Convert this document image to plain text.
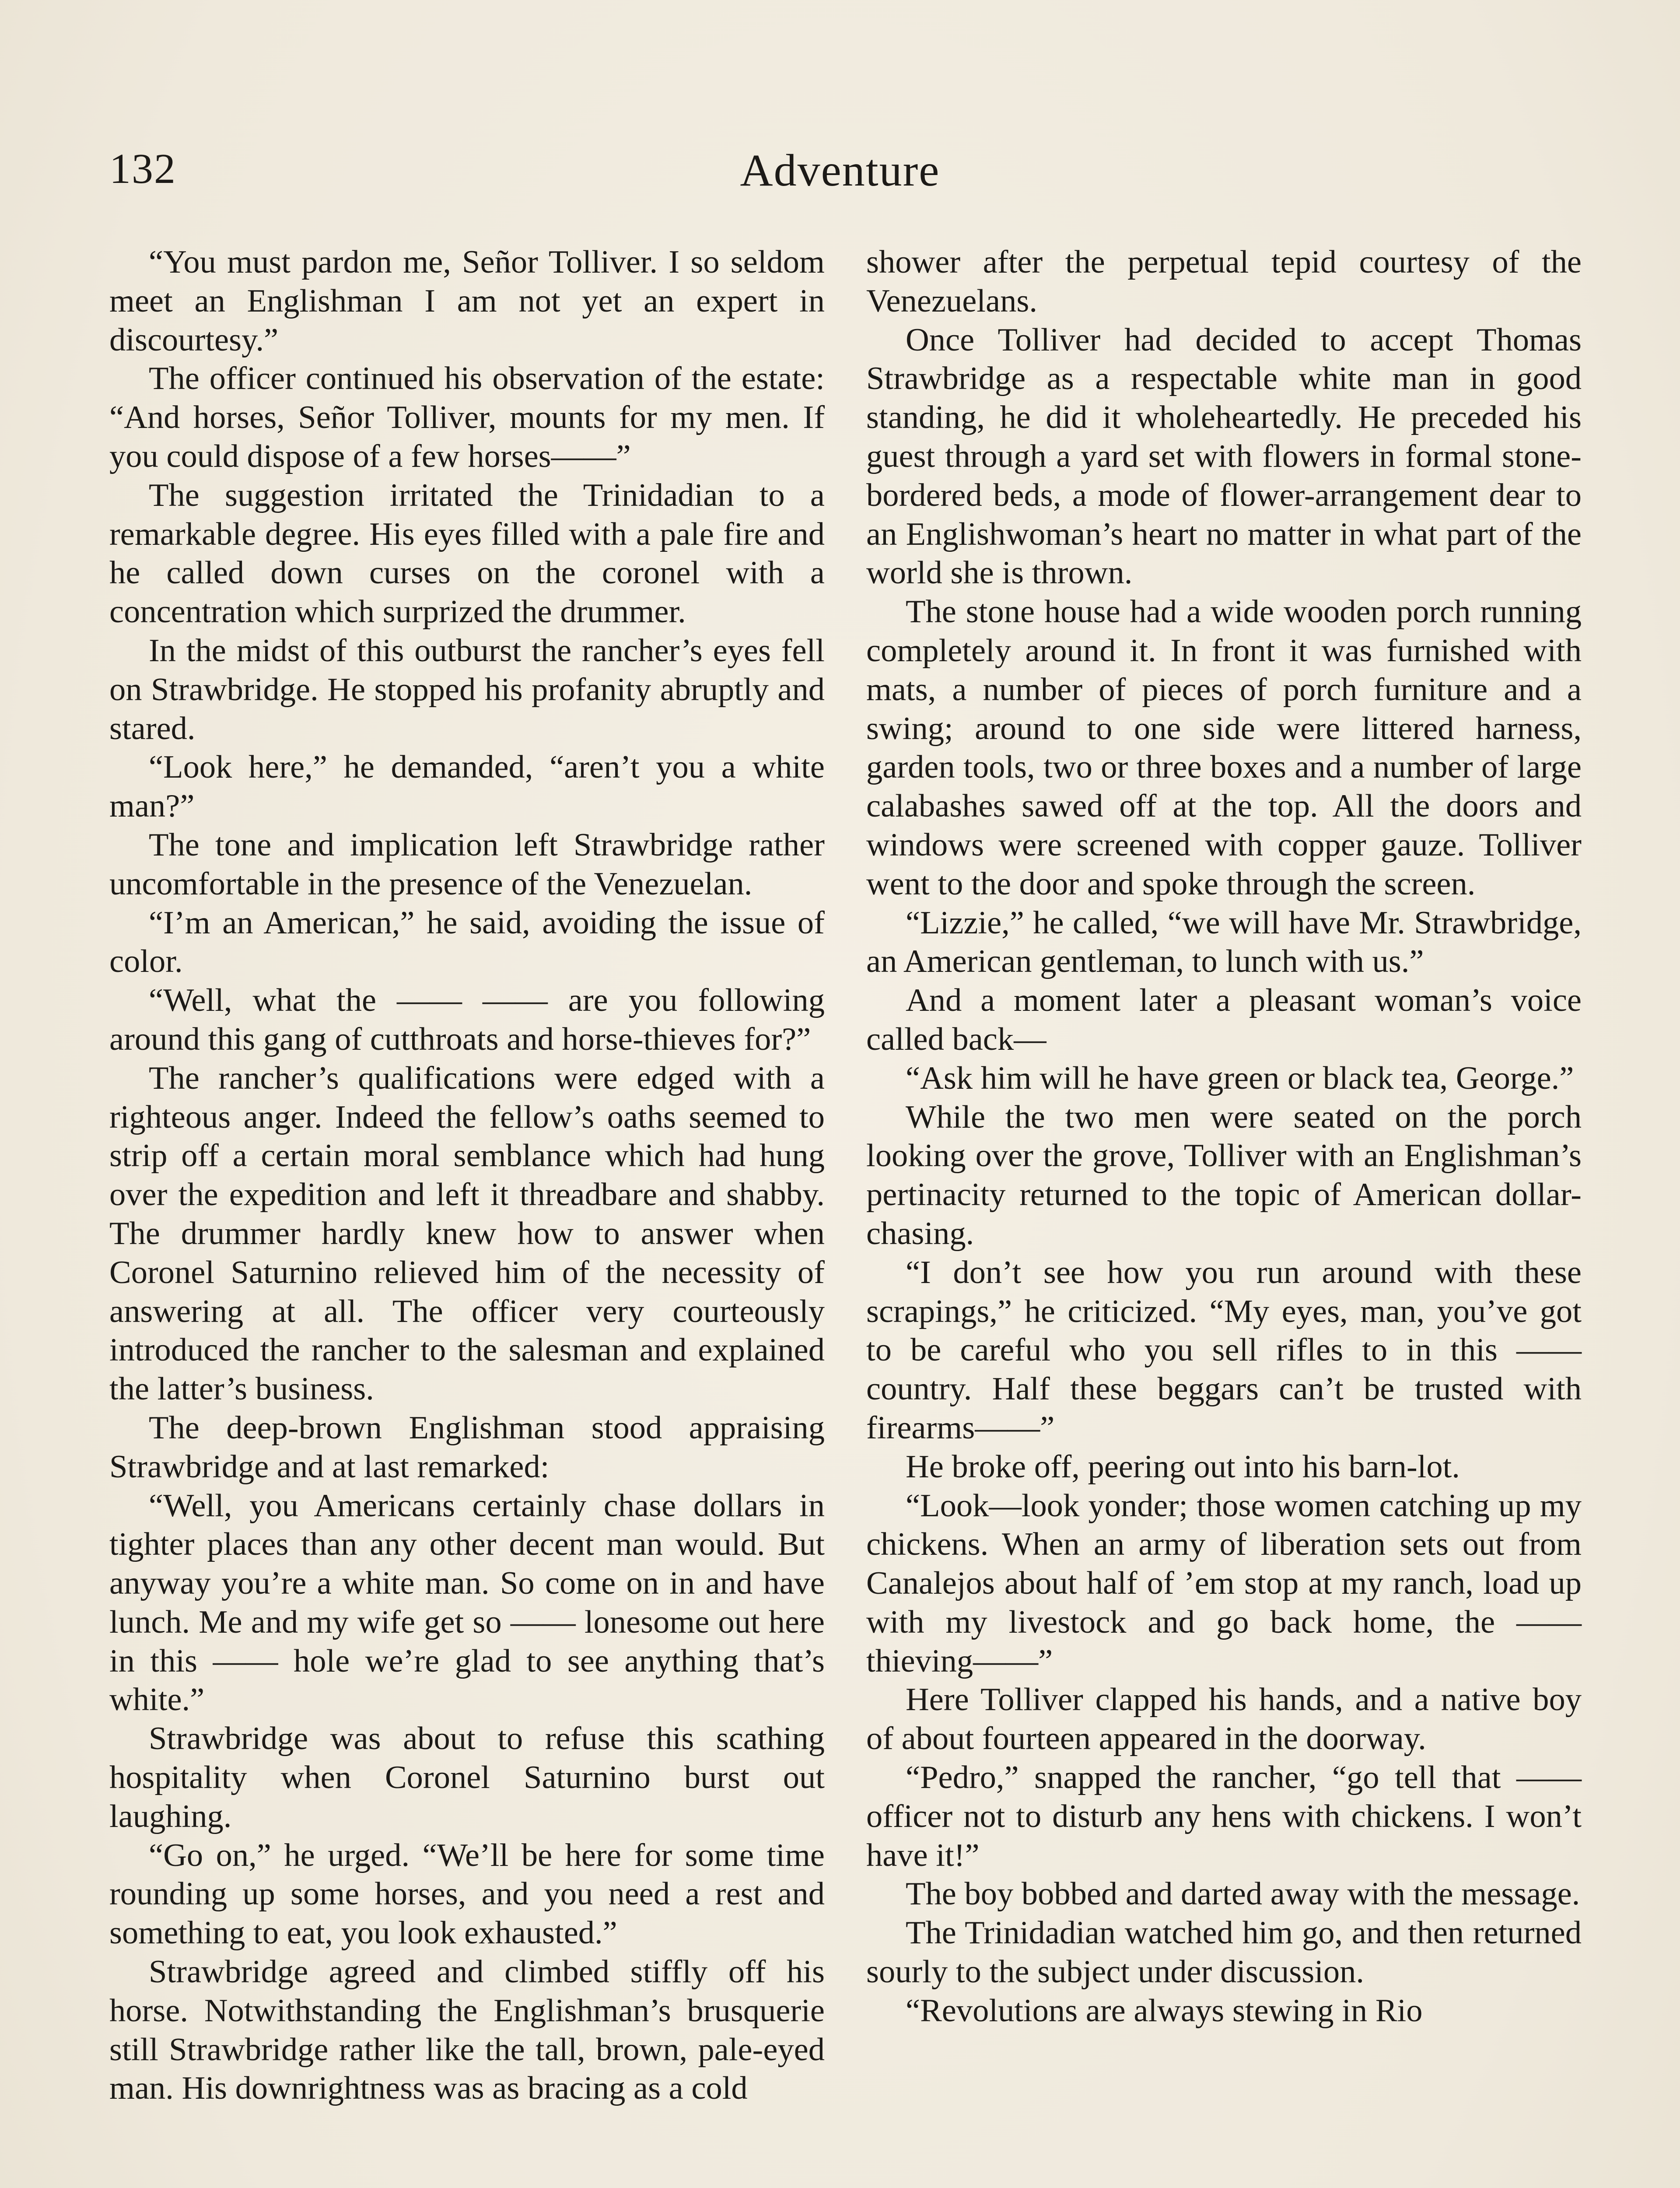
132	Adventure

“You must pardon me, Señor Tolliver. I so seldom meet an Englishman I am not yet an expert in discourtesy.”

The officer continued his observation of the estate: “And horses, Señor Tolliver, mounts for my men. If you could dispose of a few horses——”

The suggestion irritated the Trinidadian to a remarkable degree. His eyes filled with a pale fire and he called down curses on the coronel with a concentration which surprized the drummer.

In the midst of this outburst the rancher’s eyes fell on Strawbridge. He stopped his profanity abruptly and stared.

“Look here,” he demanded, “aren’t you a white man?”

The tone and implication left Strawbridge rather uncomfortable in the presence of the Venezuelan.

“I’m an American,” he said, avoiding the issue of color.

“Well, what the —— —— are you following around this gang of cutthroats and horse-thieves for?”

The rancher’s qualifications were edged with a righteous anger. Indeed the fellow’s oaths seemed to strip off a certain moral semblance which had hung over the expedition and left it threadbare and shabby. The drummer hardly knew how to answer when Coronel Saturnino relieved him of the necessity of answering at all. The officer very courteously introduced the rancher to the salesman and explained the latter’s business.

The deep-brown Englishman stood appraising Strawbridge and at last remarked:

“Well, you Americans certainly chase dollars in tighter places than any other decent man would. But anyway you’re a white man. So come on in and have lunch. Me and my wife get so —— lonesome out here in this —— hole we’re glad to see anything that’s white.”

Strawbridge was about to refuse this scathing hospitality when Coronel Saturnino burst out laughing.

“Go on,” he urged. “We’ll be here for some time rounding up some horses, and you need a rest and something to eat, you look exhausted.”

Strawbridge agreed and climbed stiffly off his horse. Notwithstanding the Englishman’s brusquerie still Strawbridge rather like the tall, brown, pale-eyed man. His downrightness was as bracing as a cold

shower after the perpetual tepid courtesy of the Venezuelans.

Once Tolliver had decided to accept Thomas Strawbridge as a respectable white man in good standing, he did it wholeheartedly. He preceded his guest through a yard set with flowers in formal stone-bordered beds, a mode of flower-arrangement dear to an Englishwoman’s heart no matter in what part of the world she is thrown.

The stone house had a wide wooden porch running completely around it. In front it was furnished with mats, a number of pieces of porch furniture and a swing; around to one side were littered harness, garden tools, two or three boxes and a number of large calabashes sawed off at the top. All the doors and windows were screened with copper gauze. Tolliver went to the door and spoke through the screen.

“Lizzie,” he called, “we will have Mr. Strawbridge, an American gentleman, to lunch with us.”

And a moment later a pleasant woman’s voice called back—

“Ask him will he have green or black tea, George.”

While the two men were seated on the porch looking over the grove, Tolliver with an Englishman’s pertinacity returned to the topic of American dollar-chasing.

“I don’t see how you run around with these scrapings,” he criticized. “My eyes, man, you’ve got to be careful who you sell rifles to in this —— country. Half these beggars can’t be trusted with firearms——”

He broke off, peering out into his barn-lot.

“Look—look yonder; those women catching up my chickens. When an army of liberation sets out from Canalejos about half of ’em stop at my ranch, load up with my livestock and go back home, the —— thieving——”

Here Tolliver clapped his hands, and a native boy of about fourteen appeared in the doorway.

“Pedro,” snapped the rancher, “go tell that —— officer not to disturb any hens with chickens. I won’t have it!”

The boy bobbed and darted away with the message.

The Trinidadian watched him go, and then returned sourly to the subject under discussion.

“Revolutions are always stewing in Rio
